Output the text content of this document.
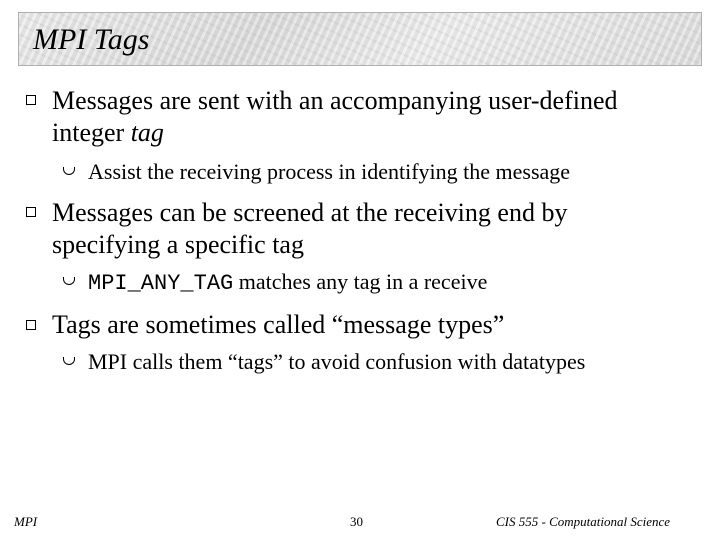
MPI Tags
Messages are sent with an accompanying user-defined
integer tag
Assist the receiving process in identifying the message
Messages can be screened at the receiving end by
specifying a specific tag
MPI_ANY_TAG matches any tag in a receive
Tags are sometimes called “message types”
MPI calls them “tags” to avoid confusion with datatypes
MPI	30	CIS 555 - Computational Science
